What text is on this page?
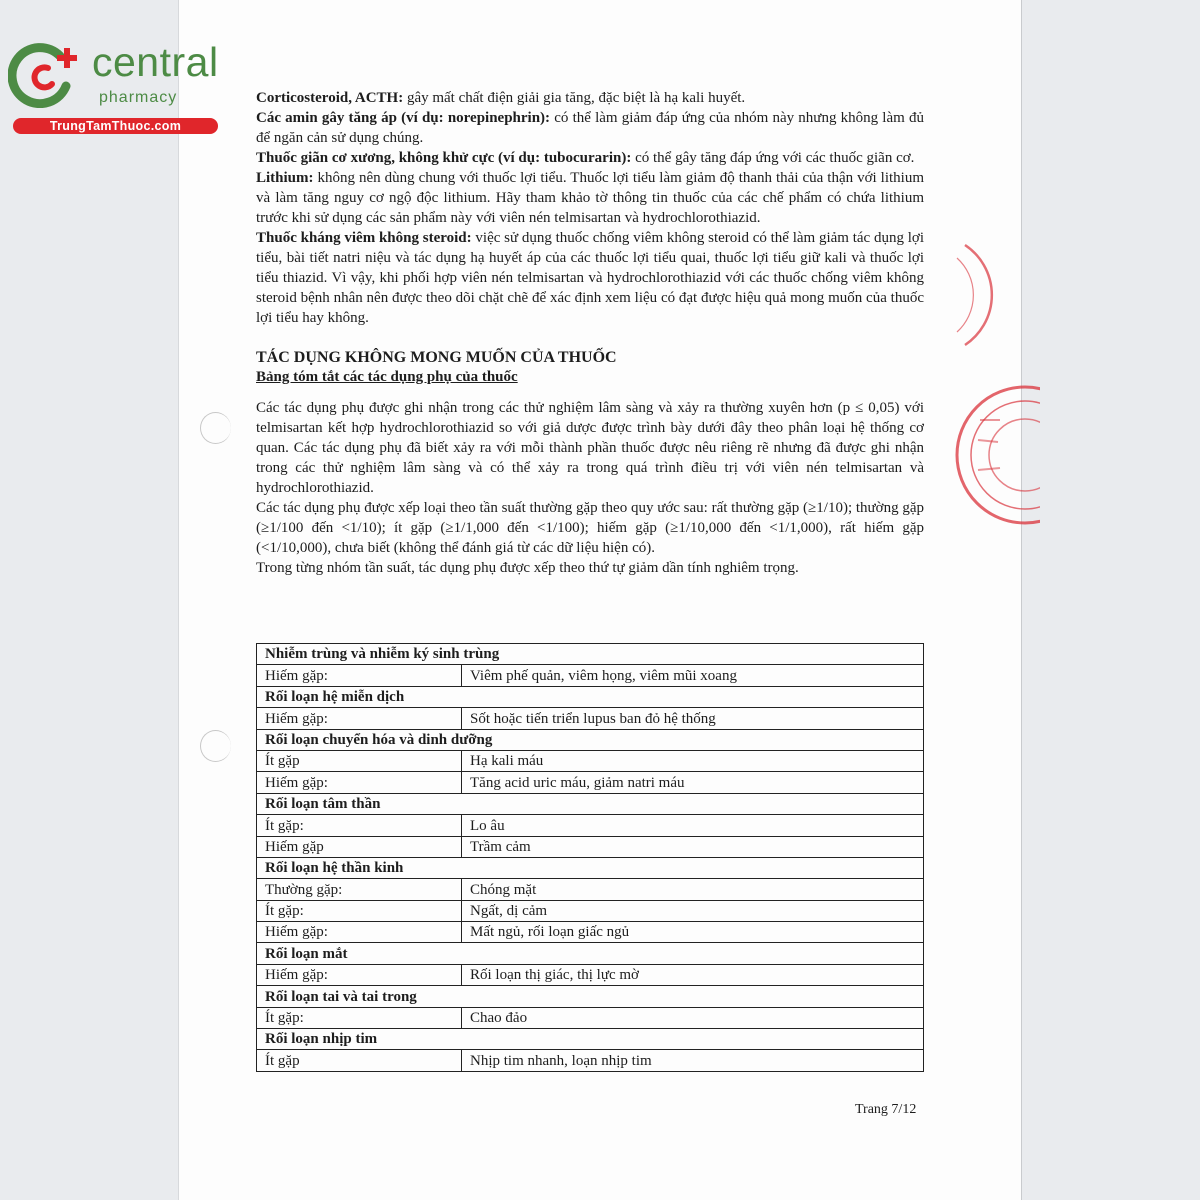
central
pharmacy
TrungTamThuoc.com

Corticosteroid, ACTH: gây mất chất điện giải gia tăng, đặc biệt là hạ kali huyết.

Các amin gây tăng áp (ví dụ: norepinephrin): có thể làm giảm đáp ứng của nhóm này nhưng không làm đủ để ngăn cản sử dụng chúng.

Thuốc giãn cơ xương, không khử cực (ví dụ: tubocurarin): có thể gây tăng đáp ứng với các thuốc giãn cơ.

Lithium: không nên dùng chung với thuốc lợi tiểu. Thuốc lợi tiểu làm giảm độ thanh thải của thận với lithium và làm tăng nguy cơ ngộ độc lithium. Hãy tham khảo tờ thông tin thuốc của các chế phẩm có chứa lithium trước khi sử dụng các sản phẩm này với viên nén telmisartan và hydrochlorothiazid.

Thuốc kháng viêm không steroid: việc sử dụng thuốc chống viêm không steroid có thể làm giảm tác dụng lợi tiểu, bài tiết natri niệu và tác dụng hạ huyết áp của các thuốc lợi tiểu quai, thuốc lợi tiểu giữ kali và thuốc lợi tiểu thiazid. Vì vậy, khi phối hợp viên nén telmisartan và hydrochlorothiazid với các thuốc chống viêm không steroid bệnh nhân nên được theo dõi chặt chẽ để xác định xem liệu có đạt được hiệu quả mong muốn của thuốc lợi tiểu hay không.

TÁC DỤNG KHÔNG MONG MUỐN CỦA THUỐC
Bảng tóm tắt các tác dụng phụ của thuốc

Các tác dụng phụ được ghi nhận trong các thử nghiệm lâm sàng và xảy ra thường xuyên hơn (p ≤ 0,05) với telmisartan kết hợp hydrochlorothiazid so với giả dược được trình bày dưới đây theo phân loại hệ thống cơ quan. Các tác dụng phụ đã biết xảy ra với mỗi thành phần thuốc được nêu riêng rẽ nhưng đã được ghi nhận trong các thử nghiệm lâm sàng và có thể xảy ra trong quá trình điều trị với viên nén telmisartan và hydrochlorothiazid.

Các tác dụng phụ được xếp loại theo tần suất thường gặp theo quy ước sau: rất thường gặp (≥1/10); thường gặp (≥1/100 đến <1/10); ít gặp (≥1/1,000 đến <1/100); hiếm gặp (≥1/10,000 đến <1/1,000), rất hiếm gặp (<1/10,000), chưa biết (không thể đánh giá từ các dữ liệu hiện có).

Trong từng nhóm tần suất, tác dụng phụ được xếp theo thứ tự giảm dần tính nghiêm trọng.

Nhiễm trùng và nhiễm ký sinh trùng	
Hiếm gặp:	Viêm phế quản, viêm họng, viêm mũi xoang
Rối loạn hệ miễn dịch	
Hiếm gặp:	Sốt hoặc tiến triển lupus ban đỏ hệ thống
Rối loạn chuyển hóa và dinh dưỡng	
Ít gặp	Hạ kali máu
Hiếm gặp:	Tăng acid uric máu, giảm natri máu
Rối loạn tâm thần	
Ít gặp:	Lo âu
Hiếm gặp	Trầm cảm
Rối loạn hệ thần kinh	
Thường gặp:	Chóng mặt
Ít gặp:	Ngất, dị cảm
Hiếm gặp:	Mất ngủ, rối loạn giấc ngủ
Rối loạn mắt	
Hiếm gặp:	Rối loạn thị giác, thị lực mờ
Rối loạn tai và tai trong	
Ít gặp:	Chao đảo
Rối loạn nhịp tim	
Ít gặp	Nhịp tim nhanh, loạn nhịp tim
Trang 7/12
